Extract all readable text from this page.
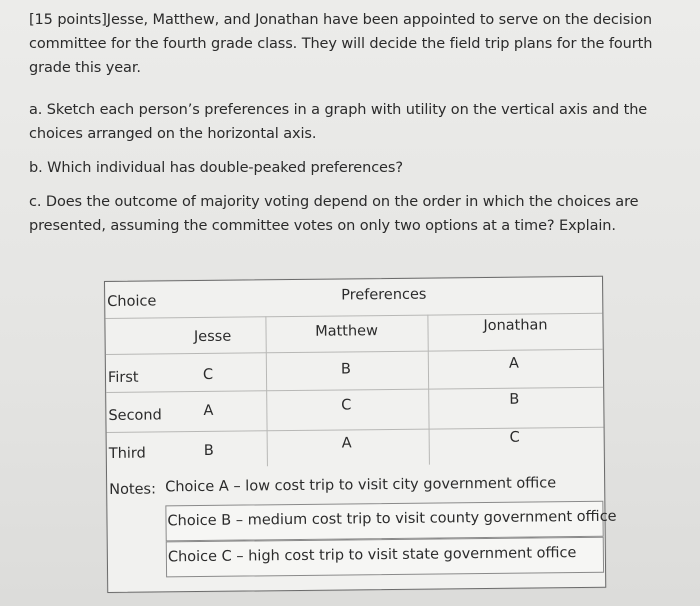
[15 points]Jesse, Matthew, and Jonathan have been appointed to serve on the decision committee for the fourth grade class. They will decide the field trip plans for the fourth grade this year.
a. Sketch each person’s preferences in a graph with utility on the vertical axis and the choices arranged on the horizontal axis.
b. Which individual has double-peaked preferences?
c. Does the outcome of majority voting depend on the order in which the choices are presented, assuming the committee votes on only two options at a time? Explain.
Choice	Preferences
Jesse	Matthew	Jonathan
First	C	B	A
Second	A	C	B
Third	B	A	C
Notes: Choice A – low cost trip to visit city government office
Choice B – medium cost trip to visit county government office
Choice C – high cost trip to visit state government office
